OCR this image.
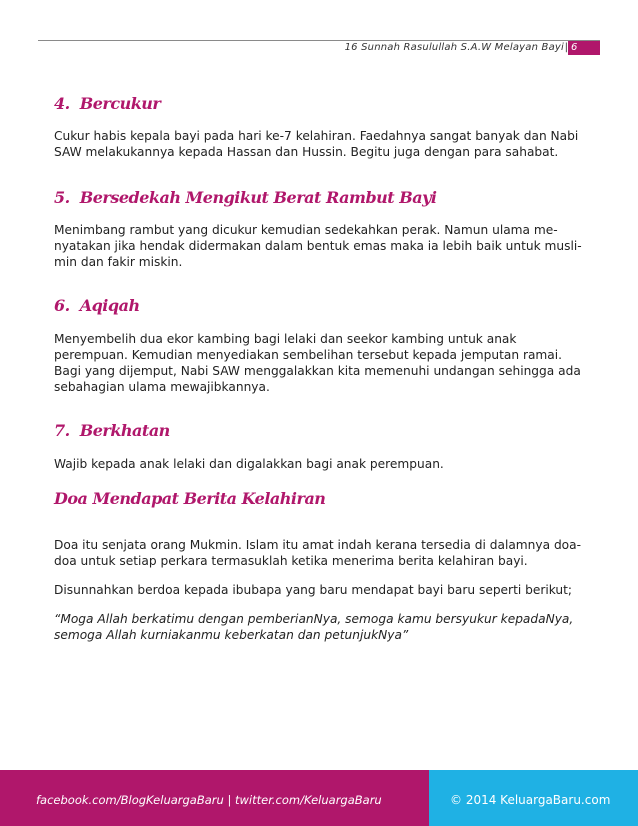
16 Sunnah Rasulullah S.A.W Melayan Bayi | 6
4. Bercukur
Cukur habis kepala bayi pada hari ke-7 kelahiran. Faedahnya sangat banyak dan Nabi
SAW melakukannya kepada Hassan dan Hussin. Begitu juga dengan para sahabat.
5. Bersedekah Mengikut Berat Rambut Bayi
Menimbang rambut yang dicukur kemudian sedekahkan perak. Namun ulama me-
nyatakan jika hendak didermakan dalam bentuk emas maka ia lebih baik untuk musli-
min dan fakir miskin.
6. Aqiqah
Menyembelih dua ekor kambing bagi lelaki dan seekor kambing untuk anak
perempuan. Kemudian menyediakan sembelihan tersebut kepada jemputan ramai.
Bagi yang dijemput, Nabi SAW menggalakkan kita memenuhi undangan sehingga ada
sebahagian ulama mewajibkannya.
7. Berkhatan
Wajib kepada anak lelaki dan digalakkan bagi anak perempuan.
Doa Mendapat Berita Kelahiran
Doa itu senjata orang Mukmin. Islam itu amat indah kerana tersedia di dalamnya doa-
doa untuk setiap perkara termasuklah ketika menerima berita kelahiran bayi.
Disunnahkan berdoa kepada ibubapa yang baru mendapat bayi baru seperti berikut;
“Moga Allah berkatimu dengan pemberianNya, semoga kamu bersyukur kepadaNya,
semoga Allah kurniakanmu keberkatan dan petunjukNya”
facebook.com/BlogKeluargaBaru | twitter.com/KeluargaBaru	© 2014 KeluargaBaru.com
